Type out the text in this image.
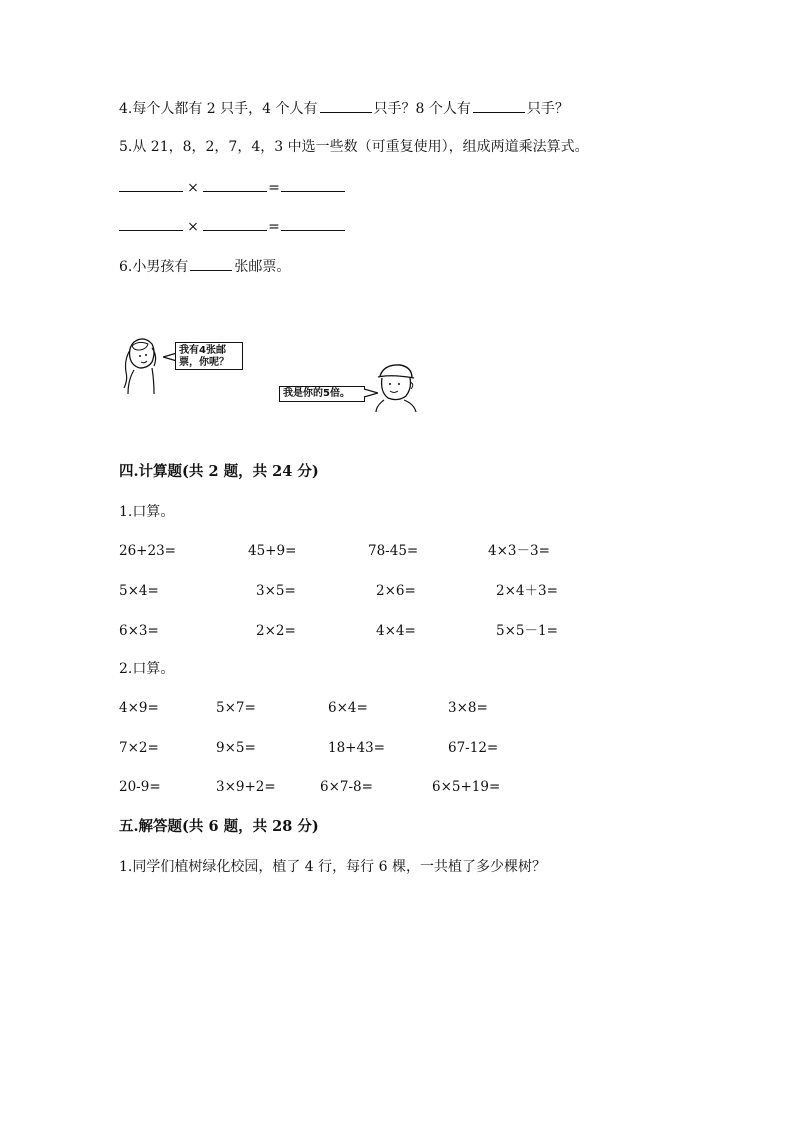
4.每个人都有 2 只手，4 个人有	只手？8 个人有	只手？
5.从 21，8，2，7，4，3 中选一些数（可重复使用），组成两道乘法算式。
×	=
×	=
6.小男孩有	张邮票。
我有4张邮
票，你呢？
我是你的5倍。
四.计算题(共 2 题，共 24 分)
1.口算。
26+23=	45+9=	78-45=	4×3－3=
5×4=	3×5=	2×6=	2×4＋3=
6×3=	2×2=	4×4=	5×5－1=
2.口算。
4×9=	5×7=	6×4=	3×8=
7×2=	9×5=	18+43=	67-12=
20-9=	3×9+2=	6×7-8=	6×5+19=
五.解答题(共 6 题，共 28 分)
1.同学们植树绿化校园，植了 4 行，每行 6 棵，一共植了多少棵树？
